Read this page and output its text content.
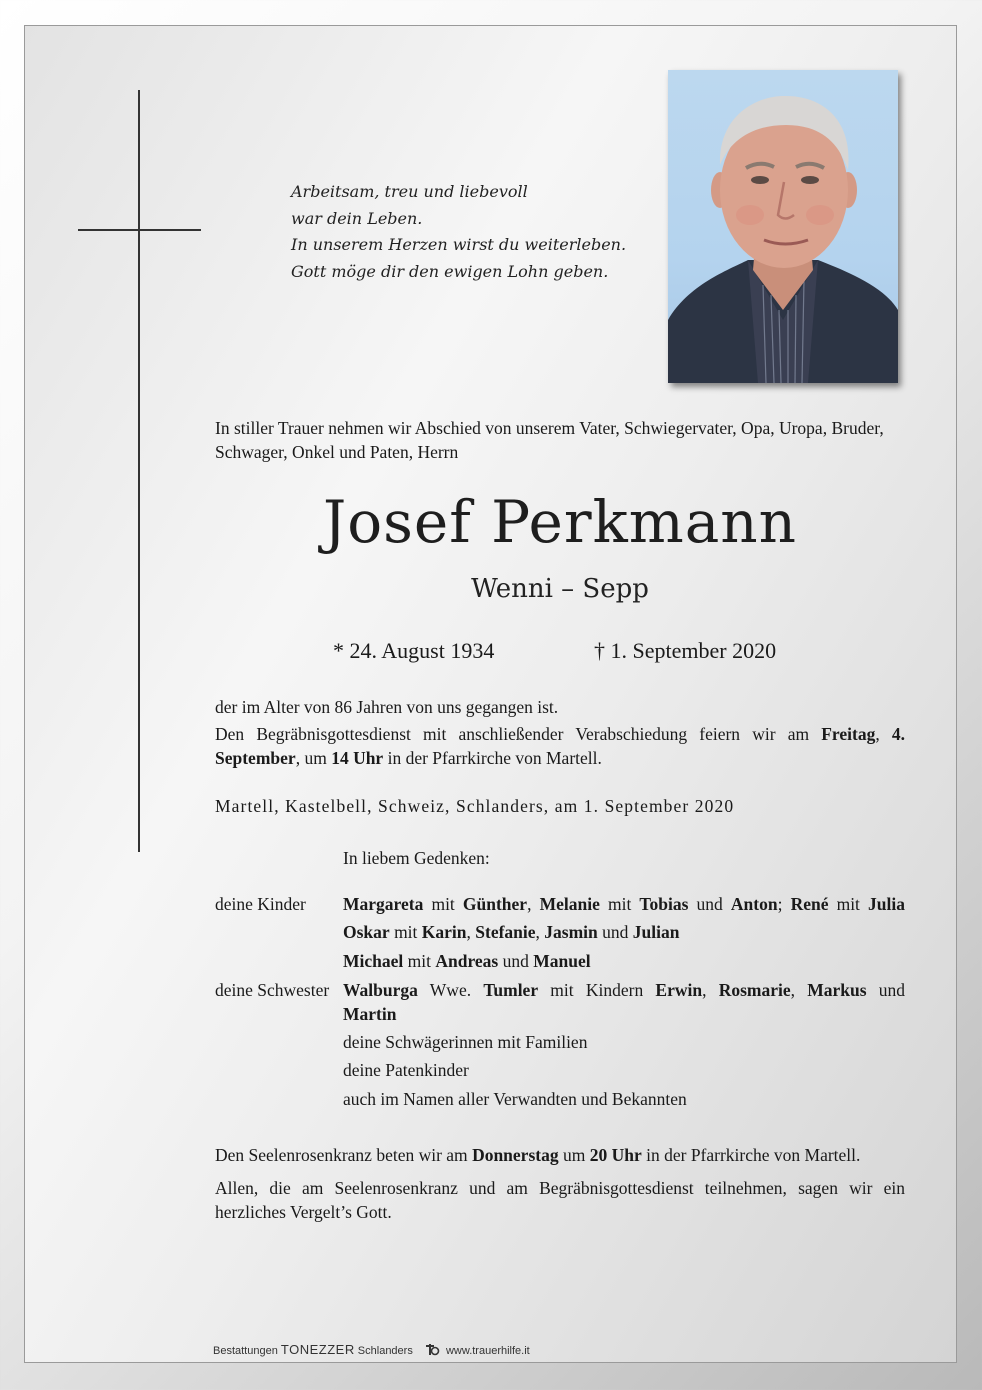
Arbeitsam, treu und liebevoll
war dein Leben.
In unserem Herzen wirst du weiterleben.
Gott möge dir den ewigen Lohn geben.
In stiller Trauer nehmen wir Abschied von unserem Vater, Schwiegervater, Opa, Uropa, Bruder, Schwager, Onkel und Paten, Herrn
Josef Perkmann
Wenni – Sepp
* 24. August 1934	† 1. September 2020
der im Alter von 86 Jahren von uns gegangen ist.
Den Begräbnisgottesdienst mit anschließender Verabschiedung feiern wir am Freitag, 4. September, um 14 Uhr in der Pfarrkirche von Martell.
Martell, Kastelbell, Schweiz, Schlanders, am 1. September 2020
In liebem Gedenken:
deine Kinder Margareta mit Günther, Melanie mit Tobias und Anton; René mit Julia
Oskar mit Karin, Stefanie, Jasmin und Julian
Michael mit Andreas und Manuel
deine Schwester Walburga Wwe. Tumler mit Kindern Erwin, Rosmarie, Markus und
Martin
deine Schwägerinnen mit Familien
deine Patenkinder
auch im Namen aller Verwandten und Bekannten
Den Seelenrosenkranz beten wir am Donnerstag um 20 Uhr in der Pfarrkirche von Martell.
Allen, die am Seelenrosenkranz und am Begräbnisgottesdienst teilnehmen, sagen wir ein herzliches Vergelt’s Gott.
Bestattungen TONEZZER Schlanders	www.trauerhilfe.it
